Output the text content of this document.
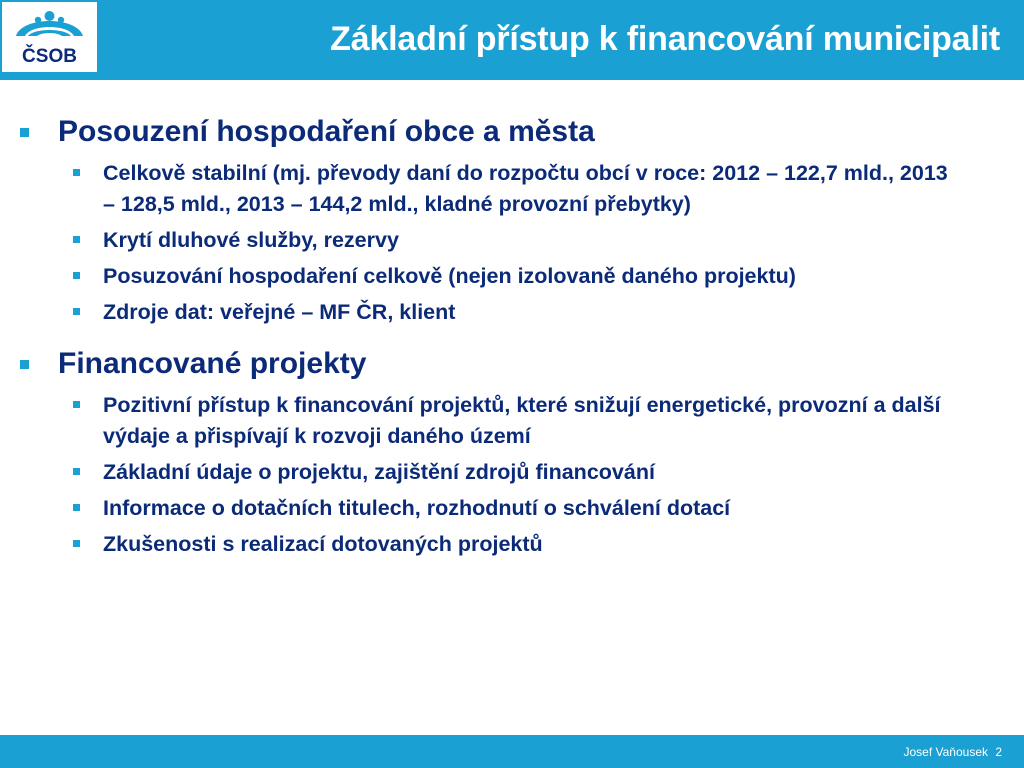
ČSOB	Základní přístup k financování municipalit
Posouzení hospodaření obce a města
Celkově stabilní (mj. převody daní do rozpočtu obcí v roce: 2012 – 122,7 mld., 2013 – 128,5 mld., 2013 – 144,2 mld., kladné provozní přebytky)
Krytí dluhové služby, rezervy
Posuzování hospodaření celkově (nejen izolovaně daného projektu)
Zdroje dat: veřejné – MF ČR, klient
Financované projekty
Pozitivní přístup k financování projektů, které snižují energetické, provozní a další výdaje a přispívají k rozvoji daného území
Základní údaje o projektu, zajištění zdrojů financování
Informace o dotačních titulech, rozhodnutí o schválení dotací
Zkušenosti s realizací dotovaných projektů
Josef Vaňousek 2
